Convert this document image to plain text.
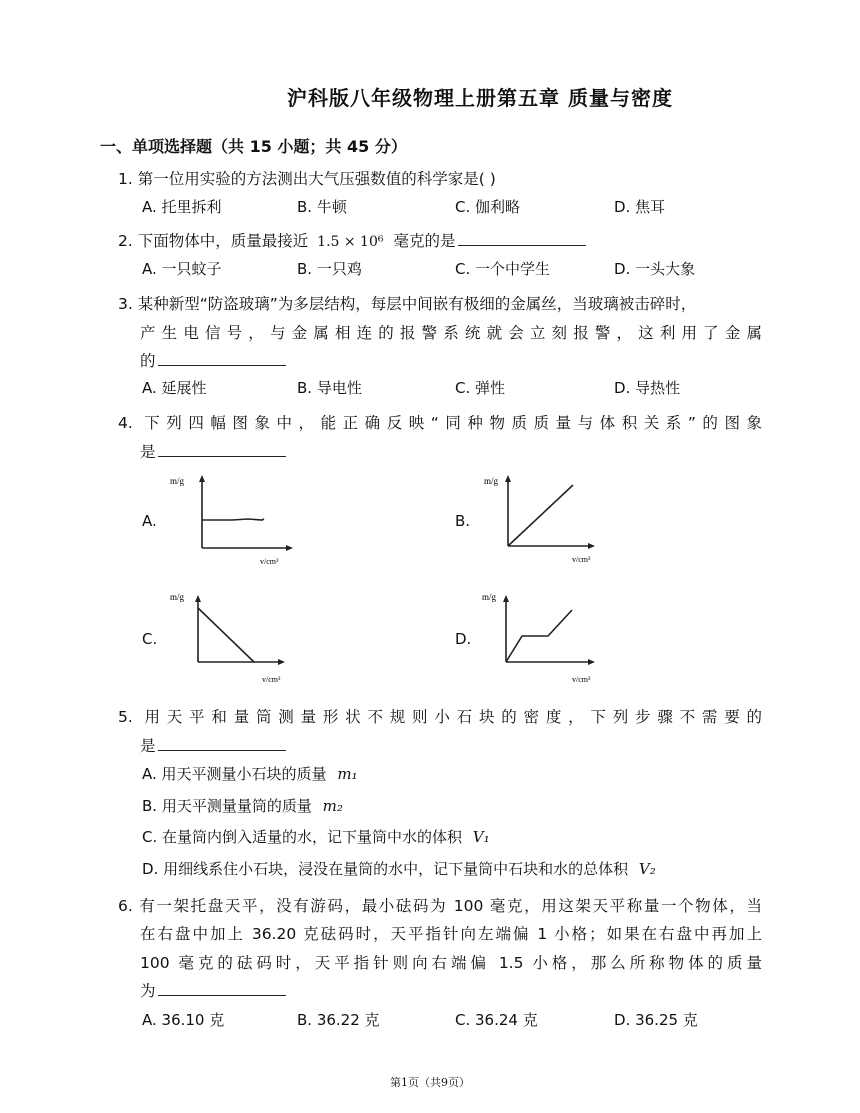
沪科版八年级物理上册第五章 质量与密度
一、单项选择题（共 15 小题；共 45 分）
1. 第一位用实验的方法测出大气压强数值的科学家是( )
A. 托里拆利	B. 牛顿	C. 伽利略	D. 焦耳
2. 下面物体中，质量最接近 1.5 × 10⁶ 毫克的是
A. 一只蚊子	B. 一只鸡	C. 一个中学生	D. 一头大象
3. 某种新型“防盗玻璃”为多层结构，每层中间嵌有极细的金属丝，当玻璃被击碎时，
产生电信号，与金属相连的报警系统就会立刻报警，这利用了金属
的
A. 延展性	B. 导电性	C. 弹性	D. 导热性
4. 下列四幅图象中，能正确反映“同种物质质量与体积关系”的图象
是
A.	B.
C.	D.
m/g
v/cm³
m/g
v/cm³
m/g
v/cm³
m/g
v/cm³
5. 用天平和量筒测量形状不规则小石块的密度，下列步骤不需要的
是
A. 用天平测量小石块的质量 m₁
B. 用天平测量量筒的质量 m₂
C. 在量筒内倒入适量的水，记下量筒中水的体积 V₁
D. 用细线系住小石块，浸没在量筒的水中，记下量筒中石块和水的总体积 V₂
6. 有一架托盘天平，没有游码，最小砝码为 100 毫克，用这架天平称量一个物体，当
在右盘中加上 36.20 克砝码时，天平指针向左端偏 1 小格；如果在右盘中再加上
100 毫克的砝码时，天平指针则向右端偏 1.5 小格，那么所称物体的质量
为
A. 36.10 克	B. 36.22 克	C. 36.24 克	D. 36.25 克
第1页（共9页）
